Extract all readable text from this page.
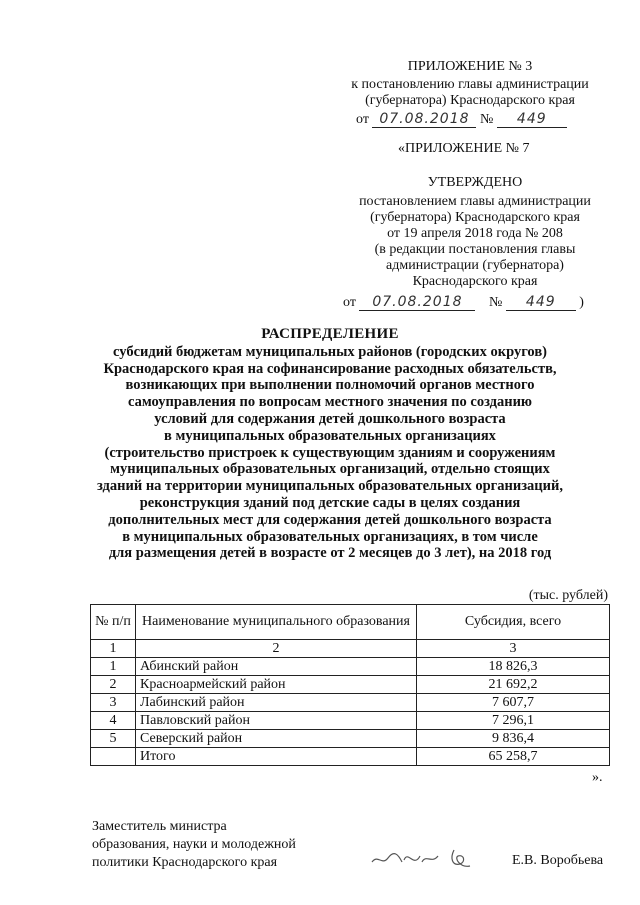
ПРИЛОЖЕНИЕ № 3
к постановлению главы администрации
(губернатора) Краснодарского края
от 07.08.2018 № 449
«ПРИЛОЖЕНИЕ № 7
УТВЕРЖДЕНО
постановлением главы администрации
(губернатора) Краснодарского края
от 19 апреля 2018 года № 208
(в редакции постановления главы
администрации (губернатора)
Краснодарского края
от 07.08.2018 № 449 )
РАСПРЕДЕЛЕНИЕ
субсидий бюджетам муниципальных районов (городских округов)
Краснодарского края на софинансирование расходных обязательств,
возникающих при выполнении полномочий органов местного
самоуправления по вопросам местного значения по созданию
условий для содержания детей дошкольного возраста
в муниципальных образовательных организациях
(строительство пристроек к существующим зданиям и сооружениям
муниципальных образовательных организаций, отдельно стоящих
зданий на территории муниципальных образовательных организаций,
реконструкция зданий под детские сады в целях создания
дополнительных мест для содержания детей дошкольного возраста
в муниципальных образовательных организациях, в том числе
для размещения детей в возрасте от 2 месяцев до 3 лет), на 2018 год
(тыс. рублей)
№ п/п	Наименование муниципального образования	Субсидия, всего
1	2	3
1	Абинский район	18 826,3
2	Красноармейский район	21 692,2
3	Лабинский район	7 607,7
4	Павловский район	7 296,1
5	Северский район	9 836,4
	Итого	65 258,7
».
Заместитель министра
образования, науки и молодежной
политики Краснодарского края	Е.В. Воробьева
